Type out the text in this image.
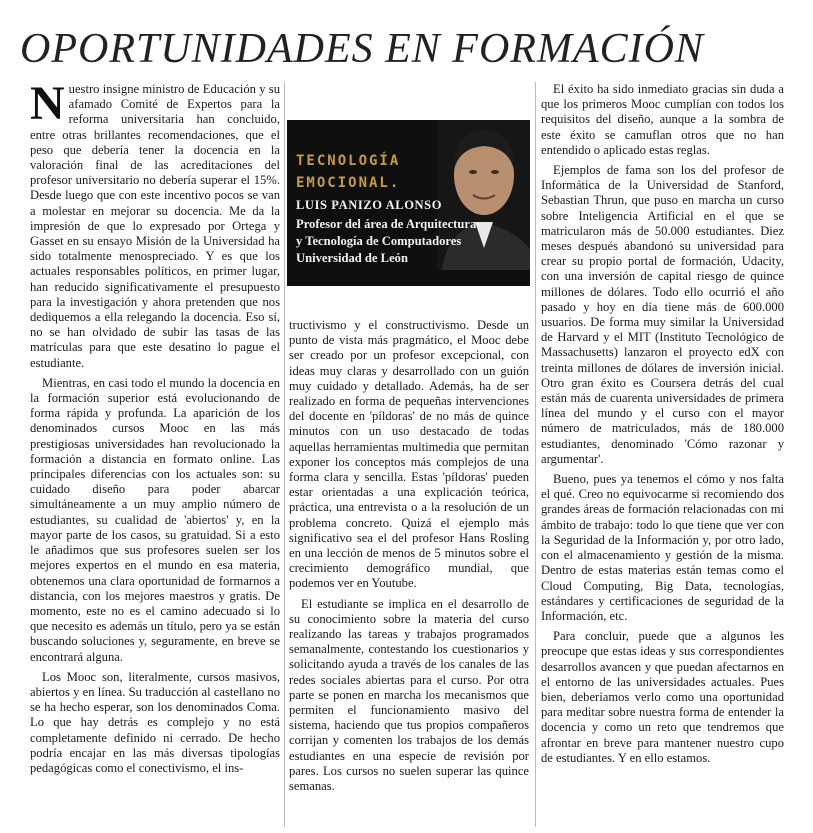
OPORTUNIDADES EN FORMACIÓN

Nuestro insigne ministro de Educación y su afamado Comité de Expertos para la reforma universitaria han concluido, entre otras brillantes recomendaciones, que el peso que debería tener la docencia en la valoración final de las acreditaciones del profesor universitario no debería superar el 15%. Desde luego que con este incentivo pocos se van a molestar en mejorar su docencia. Me da la impresión de que lo expresado por Ortega y Gasset en su ensayo Misión de la Universidad ha sido totalmente menospreciado. Y es que los actuales responsables políticos, en primer lugar, han reducido significativamente el presupuesto para la investigación y ahora pretenden que nos dediquemos a ella relegando la docencia. Eso sí, no se han olvidado de subir las tasas de las matrículas para que este desatino lo pague el estudiante.

Mientras, en casi todo el mundo la docencia en la formación superior está evolucionando de forma rápida y profunda. La aparición de los denominados cursos Mooc en las más prestigiosas universidades han revolucionado la formación a distancia en formato online. Las principales diferencias con los actuales son: su cuidado diseño para poder abarcar simultáneamente a un muy amplio número de estudiantes, su cualidad de 'abiertos' y, en la mayor parte de los casos, su gratuidad. Si a esto le añadimos que sus profesores suelen ser los mejores expertos en el mundo en esa materia, obtenemos una clara oportunidad de formarnos a distancia, con los mejores maestros y gratis. De momento, este no es el camino adecuado si lo que necesito es además un título, pero ya se están buscando soluciones y, seguramente, en breve se encontrará alguna.

Los Mooc son, literalmente, cursos masivos, abiertos y en línea. Su traducción al castellano no se ha hecho esperar, son los denominados Coma. Lo que hay detrás es complejo y no está completamente definido ni cerrado. De hecho podría encajar en las más diversas tipologías pedagógicas como el conectivismo, el ins-

TECNOLOGÍA
EMOCIONAL.
LUIS PANIZO ALONSO
Profesor del área de Arquitectura
y Tecnología de Computadores
Universidad de León

tructivismo y el constructivismo. Desde un punto de vista más pragmático, el Mooc debe ser creado por un profesor excepcional, con ideas muy claras y desarrollado con un guión muy cuidado y detallado. Además, ha de ser realizado en forma de pequeñas intervenciones del docente en 'píldoras' de no más de quince minutos con un uso destacado de todas aquellas herramientas multimedia que permitan exponer los conceptos más complejos de una forma clara y sencilla. Estas 'píldoras' pueden estar orientadas a una explicación teórica, práctica, una entrevista o a la resolución de un problema concreto. Quizá el ejemplo más significativo sea el del profesor Hans Rosling en una lección de menos de 5 minutos sobre el crecimiento demográfico mundial, que podemos ver en Youtube.

El estudiante se implica en el desarrollo de su conocimiento sobre la materia del curso realizando las tareas y trabajos programados semanalmente, contestando los cuestionarios y solicitando ayuda a través de los canales de las redes sociales abiertas para el curso. Por otra parte se ponen en marcha los mecanismos que permiten el funcionamiento masivo del sistema, haciendo que tus propios compañeros corrijan y comenten los trabajos de los demás estudiantes en una especie de revisión por pares. Los cursos no suelen superar las quince semanas.

El éxito ha sido inmediato gracias sin duda a que los primeros Mooc cumplían con todos los requisitos del diseño, aunque a la sombra de este éxito se camuflan otros que no han entendido o aplicado estas reglas.

Ejemplos de fama son los del profesor de Informática de la Universidad de Stanford, Sebastian Thrun, que puso en marcha un curso sobre Inteligencia Artificial en el que se matricularon más de 50.000 estudiantes. Diez meses después abandonó su universidad para crear su propio portal de formación, Udacity, con una inversión de capital riesgo de quince millones de dólares. Todo ello ocurrió el año pasado y hoy en día tiene más de 600.000 usuarios. De forma muy similar la Universidad de Harvard y el MIT (Instituto Tecnológico de Massachusetts) lanzaron el proyecto edX con treinta millones de dólares de inversión inicial. Otro gran éxito es Coursera detrás del cual están más de cuarenta universidades de primera línea del mundo y el curso con el mayor número de matriculados, más de 180.000 estudiantes, denominado 'Cómo razonar y argumentar'.

Bueno, pues ya tenemos el cómo y nos falta el qué. Creo no equivocarme si recomiendo dos grandes áreas de formación relacionadas con mi ámbito de trabajo: todo lo que tiene que ver con la Seguridad de la Información y, por otro lado, con el almacenamiento y gestión de la misma. Dentro de estas materias están temas como el Cloud Computing, Big Data, tecnologías, estándares y certificaciones de seguridad de la Información, etc.

Para concluir, puede que a algunos les preocupe que estas ideas y sus correspondientes desarrollos avancen y que puedan afectarnos en el entorno de las universidades actuales. Pues bien, deberíamos verlo como una oportunidad para meditar sobre nuestra forma de entender la docencia y como un reto que tendremos que afrontar en breve para mantener nuestro cupo de estudiantes. Y en ello estamos.
